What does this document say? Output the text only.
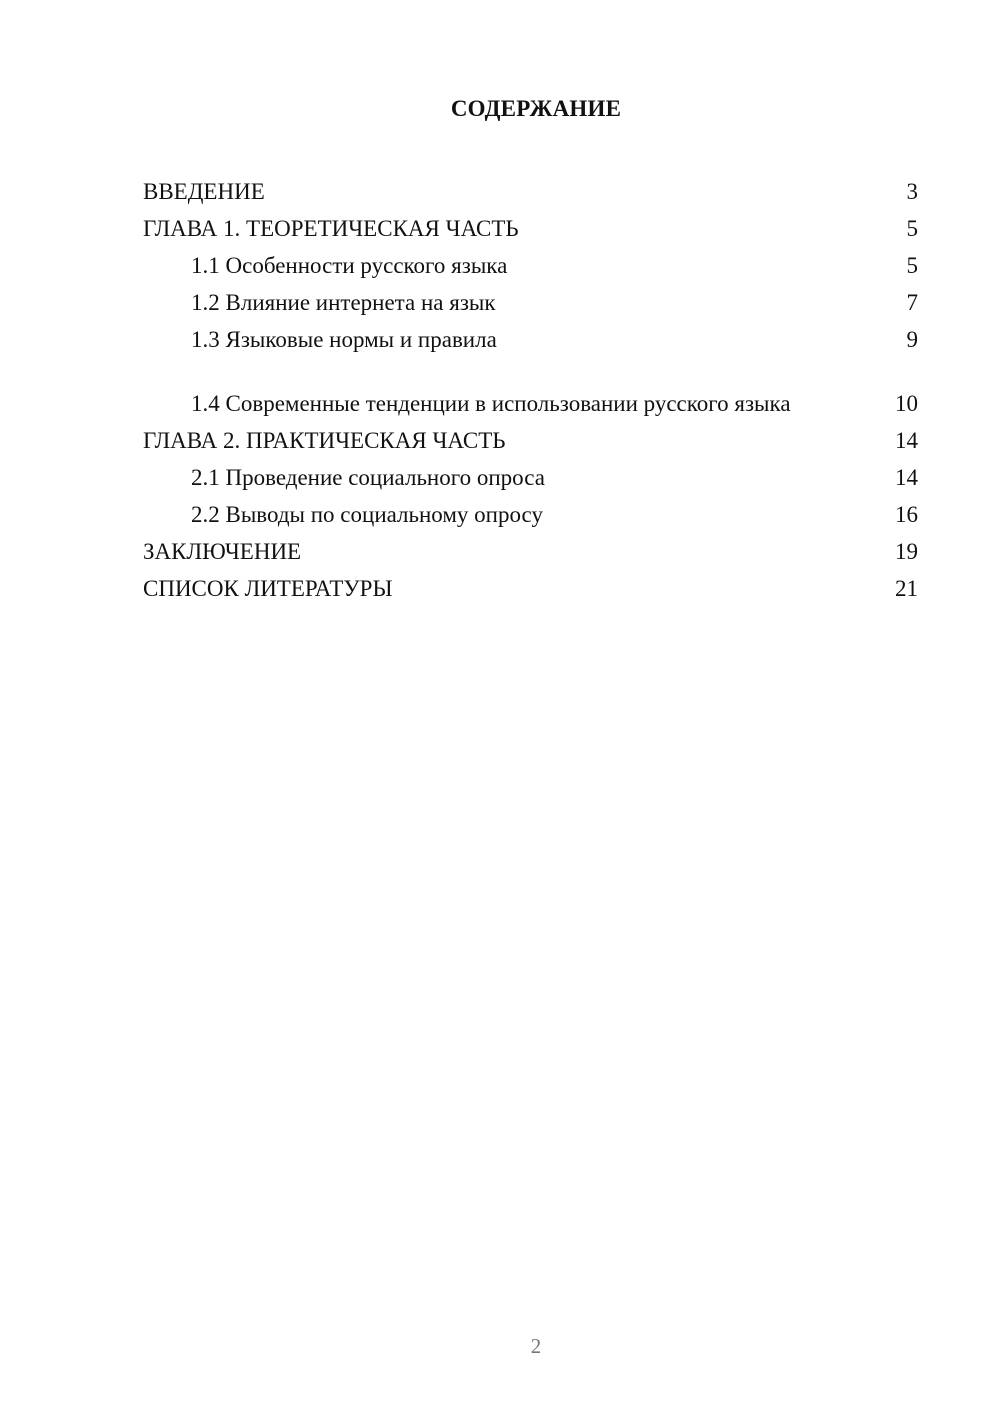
СОДЕРЖАНИЕ
ВВЕДЕНИЕ	3
ГЛАВА 1. ТЕОРЕТИЧЕСКАЯ ЧАСТЬ	5
1.1 Особенности русского языка	5
1.2 Влияние интернета на язык	7
1.3 Языковые нормы и правила	9
1.4 Современные тенденции в использовании русского языка	10
ГЛАВА 2. ПРАКТИЧЕСКАЯ ЧАСТЬ	14
2.1 Проведение социального опроса	14
2.2 Выводы по социальному опросу	16
ЗАКЛЮЧЕНИЕ	19
СПИСОК ЛИТЕРАТУРЫ	21
2
